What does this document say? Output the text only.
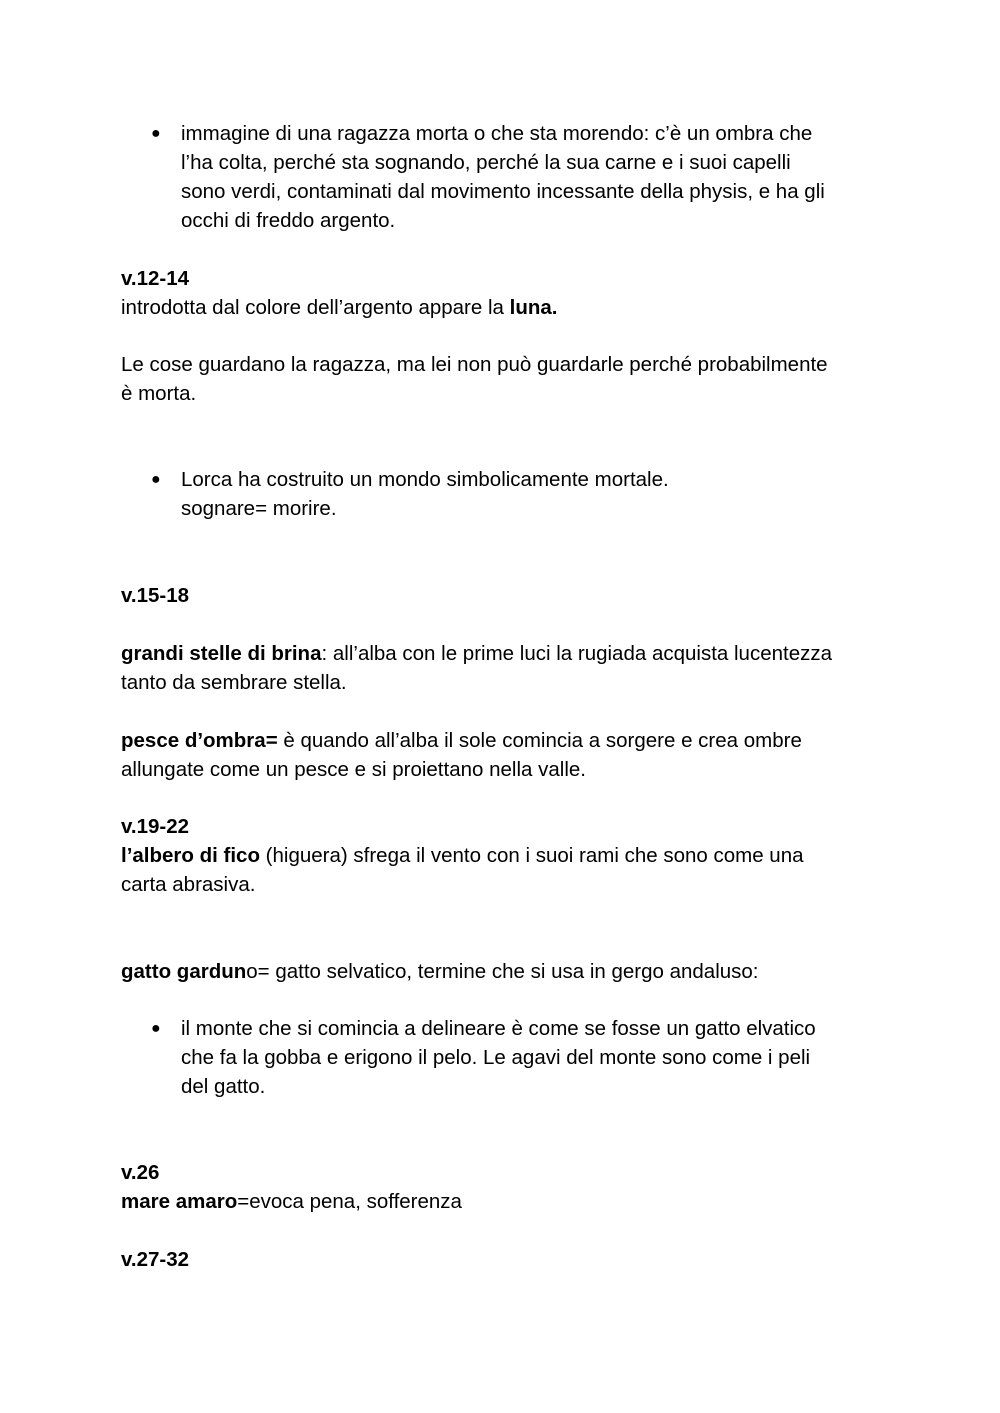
● immagine di una ragazza morta o che sta morendo: c’è un ombra che

l’ha colta, perché sta sognando, perché la sua carne e i suoi capelli

sono verdi, contaminati dal movimento incessante della physis, e ha gli

occhi di freddo argento.

v.12-14

introdotta dal colore dell’argento appare la luna.

Le cose guardano la ragazza, ma lei non può guardarle perché probabilmente

è morta.

● Lorca ha costruito un mondo simbolicamente mortale.

sognare= morire.

v.15-18

grandi stelle di brina: all’alba con le prime luci la rugiada acquista lucentezza

tanto da sembrare stella.

pesce d’ombra= è quando all’alba il sole comincia a sorgere e crea ombre

allungate come un pesce e si proiettano nella valle.

v.19-22

l’albero di fico (higuera) sfrega il vento con i suoi rami che sono come una

carta abrasiva.

gatto garduno= gatto selvatico, termine che si usa in gergo andaluso:

● il monte che si comincia a delineare è come se fosse un gatto elvatico

che fa la gobba e erigono il pelo. Le agavi del monte sono come i peli

del gatto.

v.26

mare amaro=evoca pena, sofferenza

v.27-32
